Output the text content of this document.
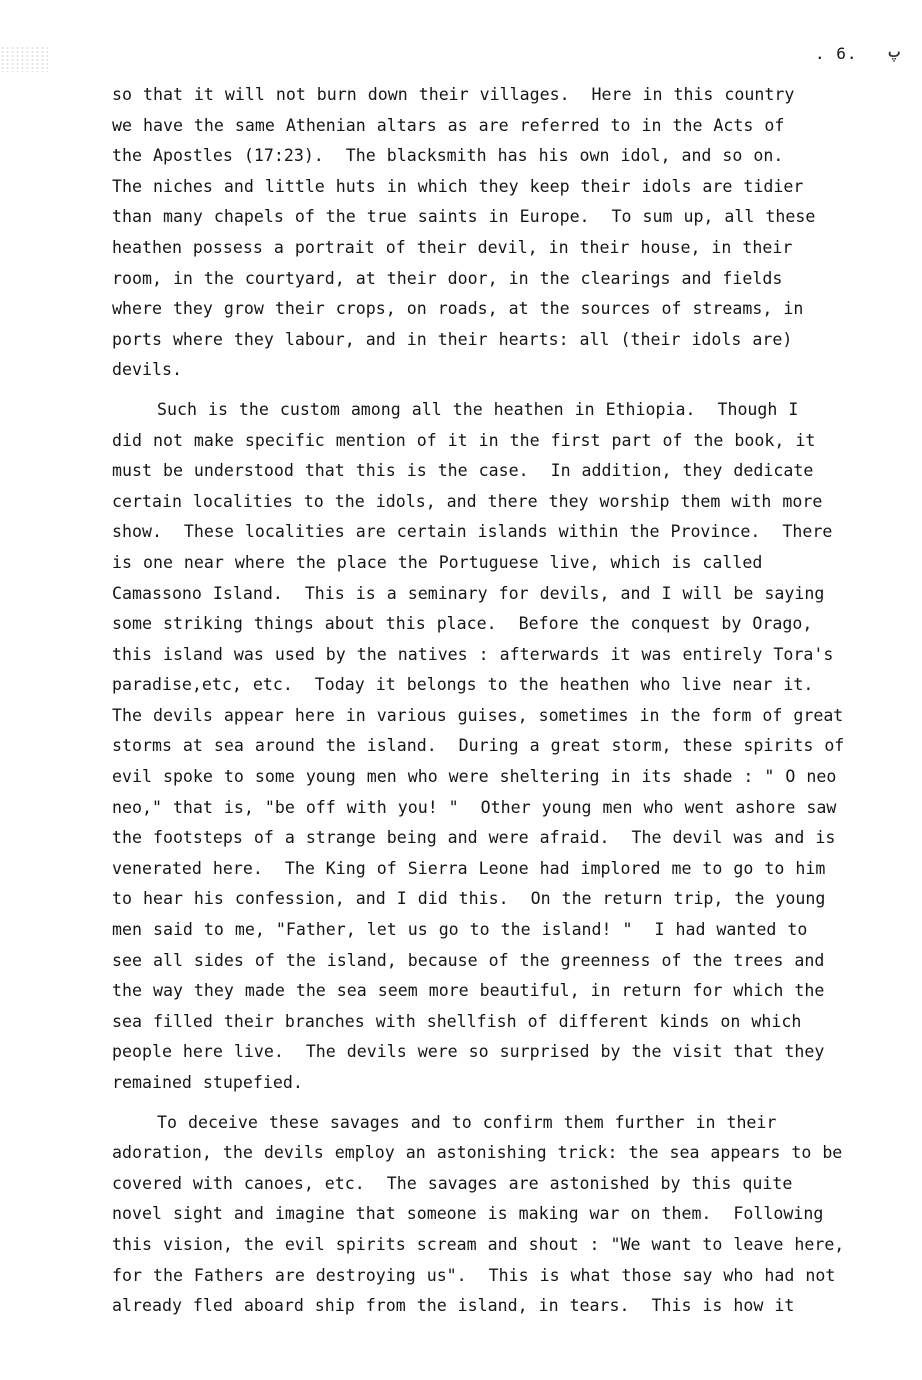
. 6. پ
so that it will not burn down their villages.  Here in this country
we have the same Athenian altars as are referred to in the Acts of
the Apostles (17:23).  The blacksmith has his own idol, and so on.
The niches and little huts in which they keep their idols are tidier
than many chapels of the true saints in Europe.  To sum up, all these
heathen possess a portrait of their devil, in their house, in their
room, in the courtyard, at their door, in the clearings and fields
where they grow their crops, on roads, at the sources of streams, in
ports where they labour, and in their hearts: all (their idols are)
devils.
Such is the custom among all the heathen in Ethiopia.  Though I
did not make specific mention of it in the first part of the book, it
must be understood that this is the case.  In addition, they dedicate
certain localities to the idols, and there they worship them with more
show.  These localities are certain islands within the Province.  There
is one near where the place the Portuguese live, which is called
Camassono Island.  This is a seminary for devils, and I will be saying
some striking things about this place.  Before the conquest by Orago,
this island was used by the natives : afterwards it was entirely Tora's
paradise,etc, etc.  Today it belongs to the heathen who live near it.
The devils appear here in various guises, sometimes in the form of great
storms at sea around the island.  During a great storm, these spirits of
evil spoke to some young men who were sheltering in its shade : " O neo
neo," that is, "be off with you! "  Other young men who went ashore saw
the footsteps of a strange being and were afraid.  The devil was and is
venerated here.  The King of Sierra Leone had implored me to go to him
to hear his confession, and I did this.  On the return trip, the young
men said to me, "Father, let us go to the island! "  I had wanted to
see all sides of the island, because of the greenness of the trees and
the way they made the sea seem more beautiful, in return for which the
sea filled their branches with shellfish of different kinds on which
people here live.  The devils were so surprised by the visit that they
remained stupefied.
To deceive these savages and to confirm them further in their
adoration, the devils employ an astonishing trick: the sea appears to be
covered with canoes, etc.  The savages are astonished by this quite
novel sight and imagine that someone is making war on them.  Following
this vision, the evil spirits scream and shout : "We want to leave here,
for the Fathers are destroying us".  This is what those say who had not
already fled aboard ship from the island, in tears.  This is how it
